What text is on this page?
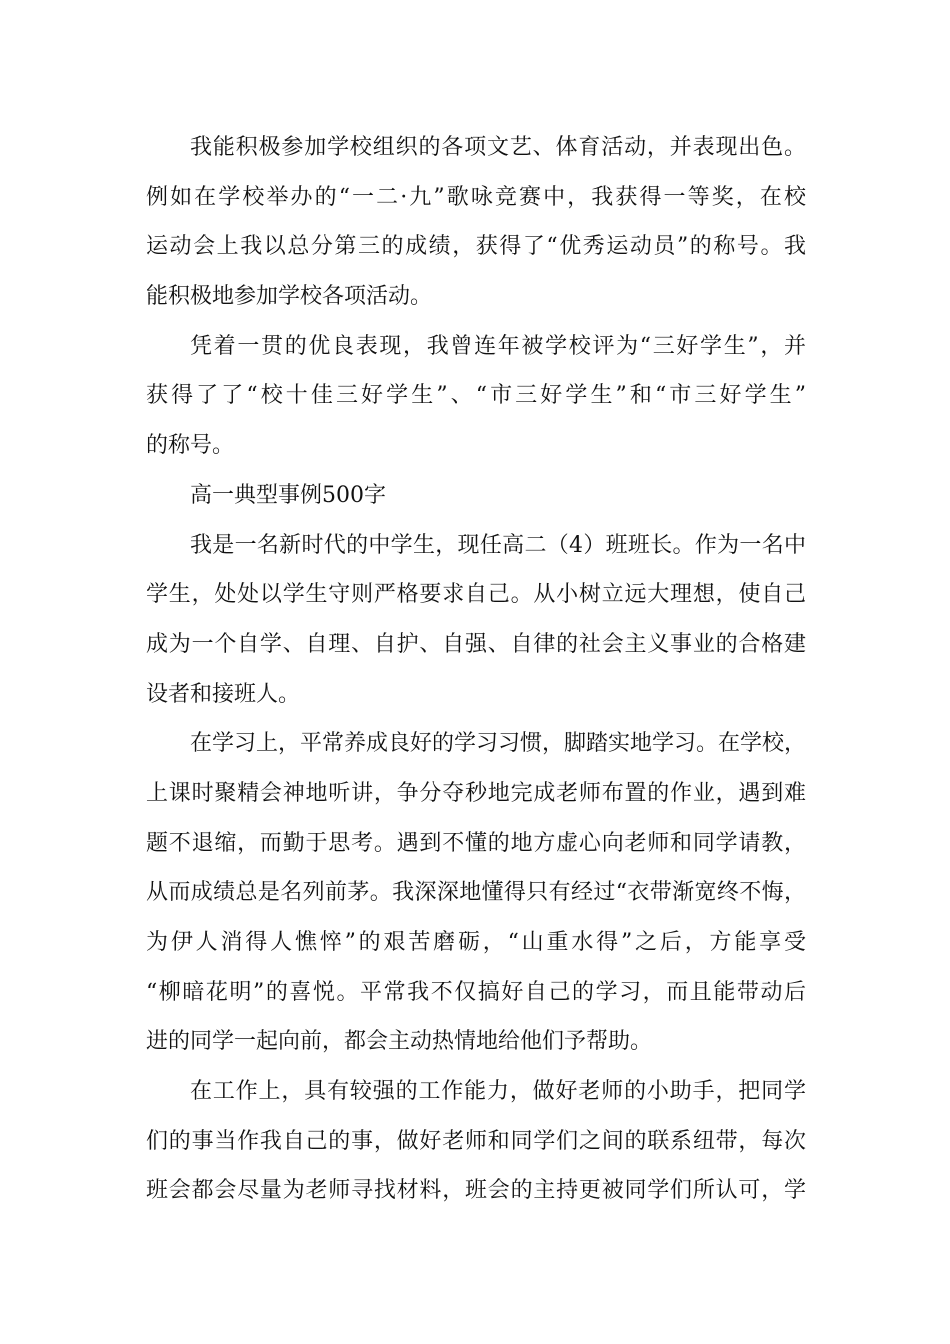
我能积极参加学校组织的各项文艺、体育活动，并表现出色。
例如在学校举办的“一二·九”歌咏竞赛中，我获得一等奖，在校
运动会上我以总分第三的成绩，获得了“优秀运动员”的称号。我
能积极地参加学校各项活动。
凭着一贯的优良表现，我曾连年被学校评为“三好学生”，并
获得了了“校十佳三好学生”、“市三好学生”和“市三好学生”
的称号。
高一典型事例500字
我是一名新时代的中学生，现任高二（4）班班长。作为一名中
学生，处处以学生守则严格要求自己。从小树立远大理想，使自己
成为一个自学、自理、自护、自强、自律的社会主义事业的合格建
设者和接班人。
在学习上，平常养成良好的学习习惯，脚踏实地学习。在学校，
上课时聚精会神地听讲，争分夺秒地完成老师布置的作业，遇到难
题不退缩，而勤于思考。遇到不懂的地方虚心向老师和同学请教，
从而成绩总是名列前茅。我深深地懂得只有经过“衣带渐宽终不悔，
为伊人消得人憔悴”的艰苦磨砺，“山重水得”之后，方能享受
“柳暗花明”的喜悦。平常我不仅搞好自己的学习，而且能带动后
进的同学一起向前，都会主动热情地给他们予帮助。
在工作上，具有较强的工作能力，做好老师的小助手，把同学
们的事当作我自己的事，做好老师和同学们之间的联系纽带，每次
班会都会尽量为老师寻找材料，班会的主持更被同学们所认可，学
